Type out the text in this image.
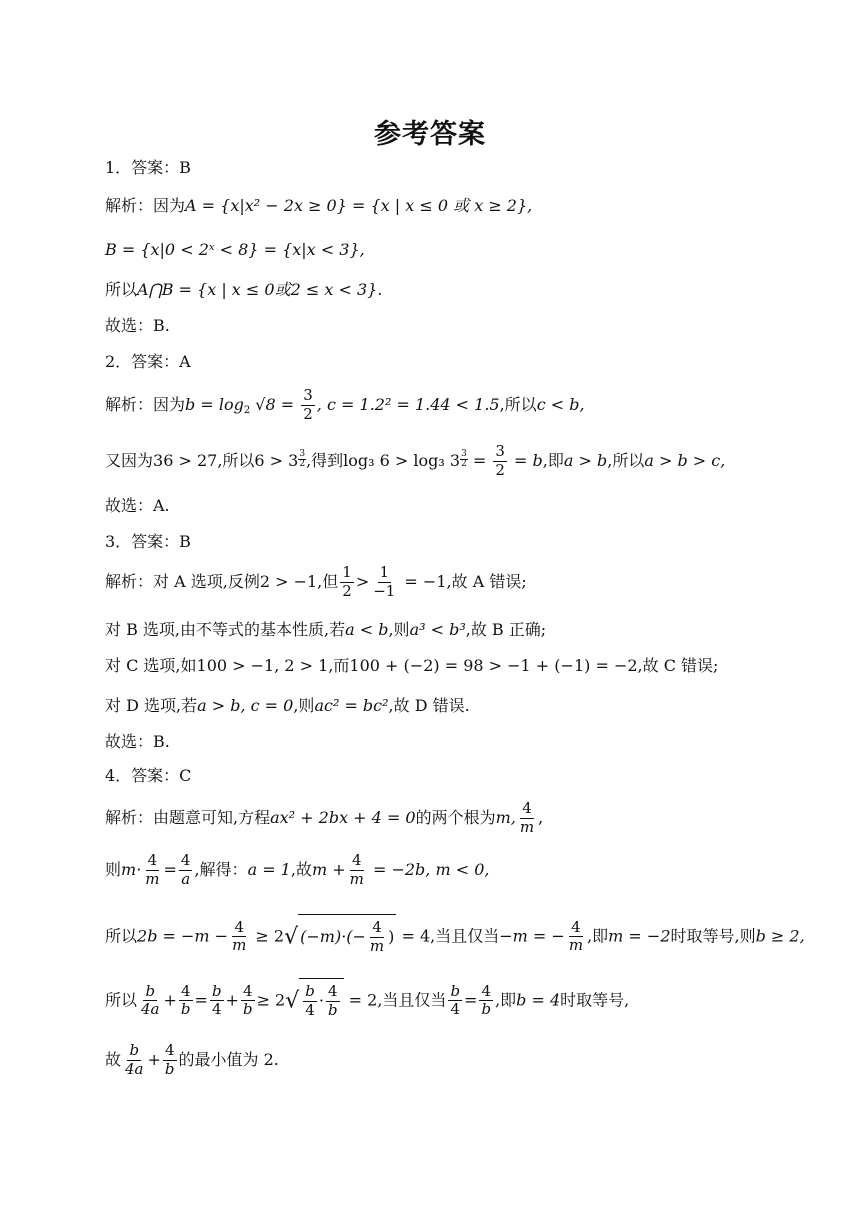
参考答案
1．答案：B
解析：因为A = {x|x² − 2x ≥ 0} = {x | x ≤ 0 或 x ≥ 2},
B = {x|0 < 2ˣ < 8} = {x|x < 3},
所以A⋂B = {x | x ≤ 0或2 ≤ x < 3}.
故选：B.
2．答案：A
解析：因为$b = \log_2 √8 = \frac{3}{2}$ , c = 1.2² = 1.44 < 1.5,所以c < b,
又因为36 > 27,所以$6 > 3 \frac{3}{2}$ ,得到log₃ 6 > log₃ $3 \frac{3}{2} = \frac{3}{2} = b$,即a > b,所以a > b > c,
故选：A.
3．答案：B
解析：对 A 选项,反例2 > −1,但 $\frac{1}{2} > \frac{1}{-1} = -1$,故 A 错误;
对 B 选项,由不等式的基本性质,若a < b,则a³ < b³,故 B 正确;
对 C 选项,如100 > −1, 2 > 1,而100 + (−2) = 98 > −1 + (−1) = −2,故 C 错误;
对 D 选项,若a > b, c = 0,则ac² = bc²,故 D 错误.
故选：B.
4．答案：C
解析：由题意可知,方程ax² + 2bx + 4 = 0的两个根为m, $\frac{4}{m}$ ,
则$m\cdot \frac{4}{m} = \frac{4}{a}$ ,解得：a = 1,故$m + \frac{4}{m} = -2b$, m < 0,
所以$2b = -m - \frac{4}{m} \ge 2√$ $(-m)\cdot(- \frac{4}{m}$ ) = 4,当且仅当−m = − $\frac{4}{m}$ ,即m = −2时取等号,则b ≥ 2,
所以 $\frac{b}{4a} + \frac{4}{b} = \frac{b}{4} + \frac{4}{b} \ge 2√ \frac{b}{4} \cdot \frac{4}{b} = 2$,当且仅当 $\frac{b}{4} = \frac{4}{b}$ ,即b = 4时取等号,
故 $\frac{b}{4a} + \frac{4}{b}$ 的最小值为 2.
